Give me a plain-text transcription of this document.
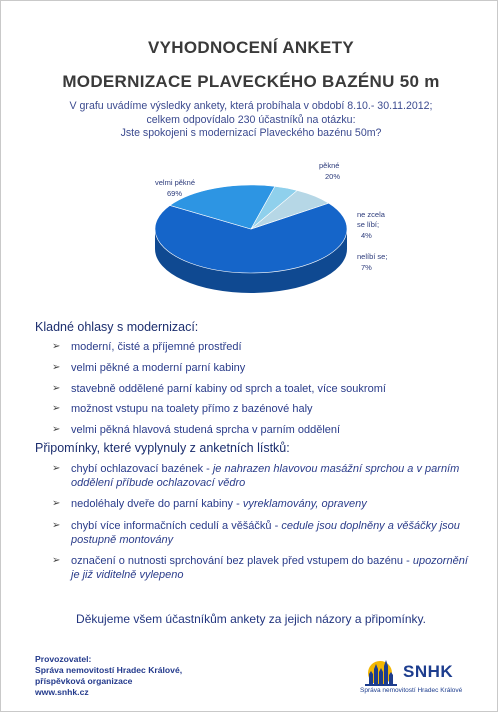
VYHODNOCENÍ ANKETY
MODERNIZACE PLAVECKÉHO BAZÉNU 50 m
V grafu uvádíme výsledky ankety, která probíhala v období 8.10.- 30.11.2012;
celkem odpovídalo 230 účastníků na otázku:
Jste spokojeni s modernizací Plaveckého bazénu 50m?
velmi pěkné
69%
pěkné
20%
ne zcela
se líbí;
4%
nelíbí se;
7%
Kladné ohlasy s modernizací:
➢ moderní, čisté a příjemné prostředí
➢ velmi pěkné a moderní parní kabiny
➢ stavebně oddělené parní kabiny od sprch a toalet, více soukromí
➢ možnost vstupu na toalety přímo z bazénové haly
➢ velmi pěkná hlavová studená sprcha v parním oddělení
Připomínky, které vyplynuly z anketních lístků:
➢ chybí ochlazovací bazének - je nahrazen hlavovou masážní sprchou a v parním oddělení příbude ochlazovací vědro
➢ nedoléhaly dveře do parní kabiny - vyreklamovány, opraveny
➢ chybí více informačních cedulí a věšáčků - cedule jsou doplněny a věšáčky jsou postupně montovány
➢ označení o nutnosti sprchování bez plavek před vstupem do bazénu - upozornění je již viditelně vylepeno
Děkujeme všem účastníkům ankety za jejich názory a připomínky.
Provozovatel:
Správa nemovitostí Hradec Králové,
příspěvková organizace
www.snhk.cz
SNHK
Správa nemovitostí Hradec Králové
